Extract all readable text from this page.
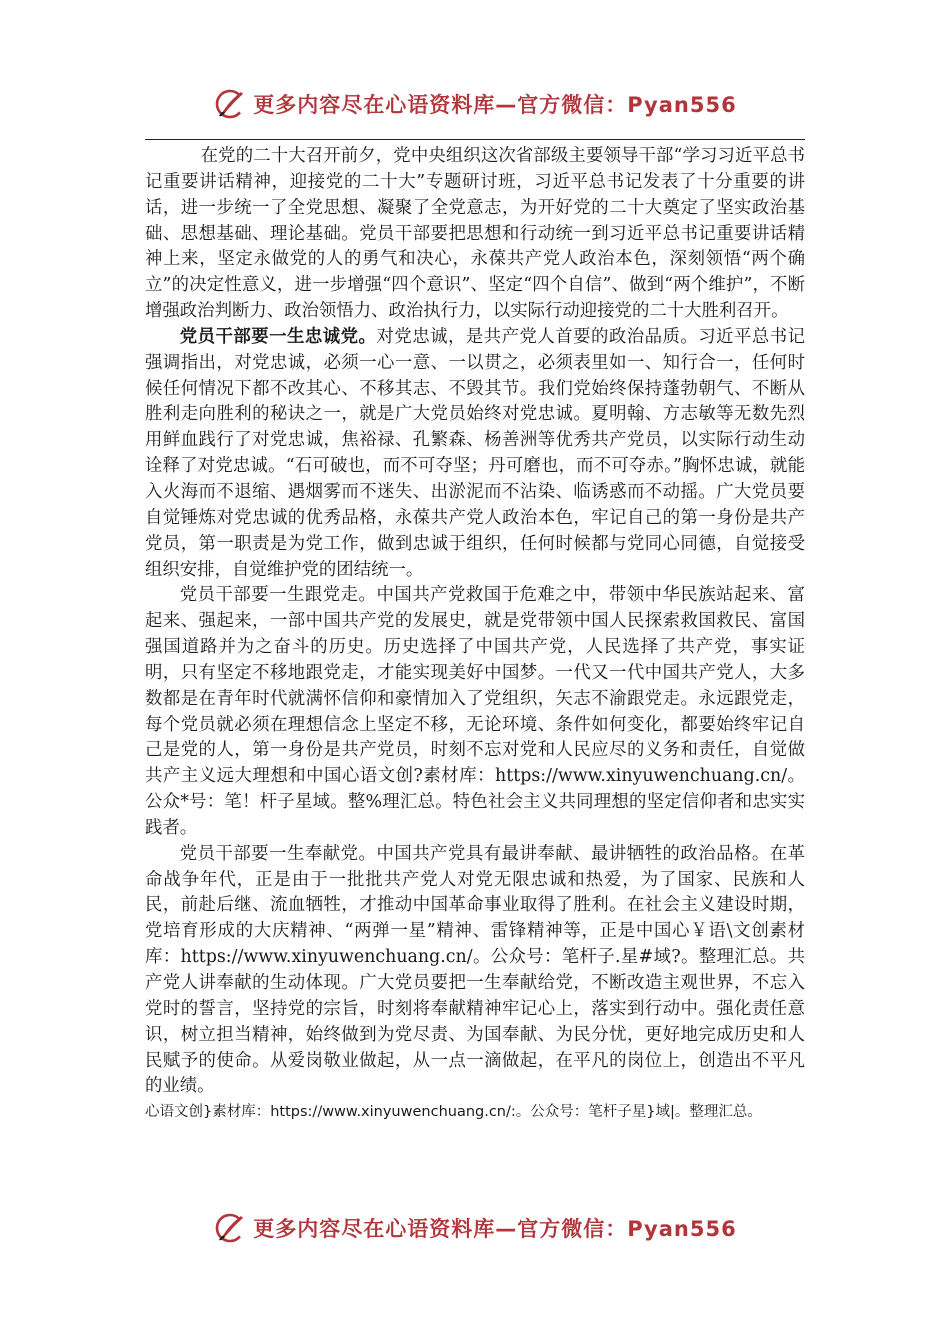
更多内容尽在心语资料库—官方微信：Pyan556

在党的二十大召开前夕，党中央组织这次省部级主要领导干部“学习习近平总书记重要讲话精神，迎接党的二十大”专题研讨班，习近平总书记发表了十分重要的讲话，进一步统一了全党思想、凝聚了全党意志，为开好党的二十大奠定了坚实政治基础、思想基础、理论基础。党员干部要把思想和行动统一到习近平总书记重要讲话精神上来，坚定永做党的人的勇气和决心，永葆共产党人政治本色，深刻领悟“两个确立”的决定性意义，进一步增强“四个意识”、坚定“四个自信”、做到“两个维护”，不断增强政治判断力、政治领悟力、政治执行力，以实际行动迎接党的二十大胜利召开。

党员干部要一生忠诚党。对党忠诚，是共产党人首要的政治品质。习近平总书记强调指出，对党忠诚，必须一心一意、一以贯之，必须表里如一、知行合一，任何时候任何情况下都不改其心、不移其志、不毁其节。我们党始终保持蓬勃朝气、不断从胜利走向胜利的秘诀之一，就是广大党员始终对党忠诚。夏明翰、方志敏等无数先烈用鲜血践行了对党忠诚，焦裕禄、孔繁森、杨善洲等优秀共产党员，以实际行动生动诠释了对党忠诚。“石可破也，而不可夺坚；丹可磨也，而不可夺赤。”胸怀忠诚，就能入火海而不退缩、遇烟雾而不迷失、出淤泥而不沾染、临诱惑而不动摇。广大党员要自觉锤炼对党忠诚的优秀品格，永葆共产党人政治本色，牢记自己的第一身份是共产党员，第一职责是为党工作，做到忠诚于组织，任何时候都与党同心同德，自觉接受组织安排，自觉维护党的团结统一。

党员干部要一生跟党走。中国共产党救国于危难之中，带领中华民族站起来、富起来、强起来，一部中国共产党的发展史，就是党带领中国人民探索救国救民、富国强国道路并为之奋斗的历史。历史选择了中国共产党，人民选择了共产党，事实证明，只有坚定不移地跟党走，才能实现美好中国梦。一代又一代中国共产党人，大多数都是在青年时代就满怀信仰和豪情加入了党组织，矢志不渝跟党走。永远跟党走，每个党员就必须在理想信念上坚定不移，无论环境、条件如何变化，都要始终牢记自己是党的人，第一身份是共产党员，时刻不忘对党和人民应尽的义务和责任，自觉做共产主义远大理想和中国心语文创?素材库：https://www.xinyuwenchuang.cn/。公众*号：笔！杆子星域。整%理汇总。特色社会主义共同理想的坚定信仰者和忠实实践者。

党员干部要一生奉献党。中国共产党具有最讲奉献、最讲牺牲的政治品格。在革命战争年代，正是由于一批批共产党人对党无限忠诚和热爱，为了国家、民族和人民，前赴后继、流血牺牲，才推动中国革命事业取得了胜利。在社会主义建设时期，党培育形成的大庆精神、“两弹一星”精神、雷锋精神等，正是中国心￥语\文创素材库：https://www.xinyuwenchuang.cn/。公众号：笔杆子.星#域?。整理汇总。共产党人讲奉献的生动体现。广大党员要把一生奉献给党，不断改造主观世界，不忘入党时的誓言，坚持党的宗旨，时刻将奉献精神牢记心上，落实到行动中。强化责任意识，树立担当精神，始终做到为党尽责、为国奉献、为民分忧，更好地完成历史和人民赋予的使命。从爱岗敬业做起，从一点一滴做起，在平凡的岗位上，创造出不平凡的业绩。

心语文创}素材库：https://www.xinyuwenchuang.cn/:。公众号：笔杆子星}域|。整理汇总。

更多内容尽在心语资料库—官方微信：Pyan556
